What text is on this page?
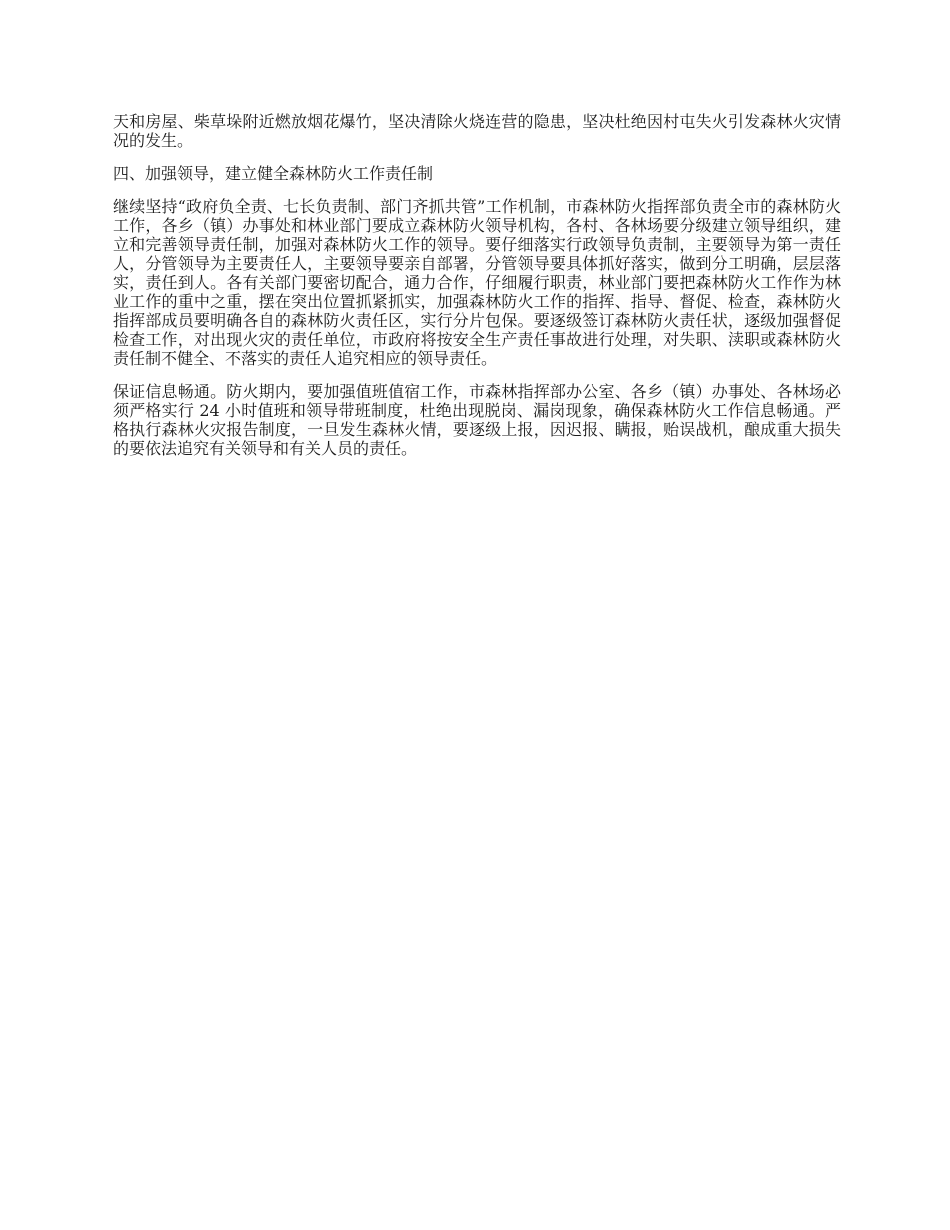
天和房屋、柴草垛附近燃放烟花爆竹，坚决清除火烧连营的隐患，坚决杜绝因村屯失火引发森林火灾情况的发生。

四、加强领导，建立健全森林防火工作责任制

继续坚持“政府负全责、七长负责制、部门齐抓共管”工作机制，市森林防火指挥部负责全市的森林防火工作，各乡（镇）办事处和林业部门要成立森林防火领导机构，各村、各林场要分级建立领导组织，建立和完善领导责任制，加强对森林防火工作的领导。要仔细落实行政领导负责制，主要领导为第一责任人，分管领导为主要责任人，主要领导要亲自部署，分管领导要具体抓好落实，做到分工明确，层层落实，责任到人。各有关部门要密切配合，通力合作，仔细履行职责，林业部门要把森林防火工作作为林业工作的重中之重，摆在突出位置抓紧抓实，加强森林防火工作的指挥、指导、督促、检查，森林防火指挥部成员要明确各自的森林防火责任区，实行分片包保。要逐级签订森林防火责任状，逐级加强督促检查工作，对出现火灾的责任单位，市政府将按安全生产责任事故进行处理，对失职、渎职或森林防火责任制不健全、不落实的责任人追究相应的领导责任。

保证信息畅通。防火期内，要加强值班值宿工作，市森林指挥部办公室、各乡（镇）办事处、各林场必须严格实行 24 小时值班和领导带班制度，杜绝出现脱岗、漏岗现象，确保森林防火工作信息畅通。严格执行森林火灾报告制度，一旦发生森林火情，要逐级上报，因迟报、瞒报，贻误战机，酿成重大损失的要依法追究有关领导和有关人员的责任。
